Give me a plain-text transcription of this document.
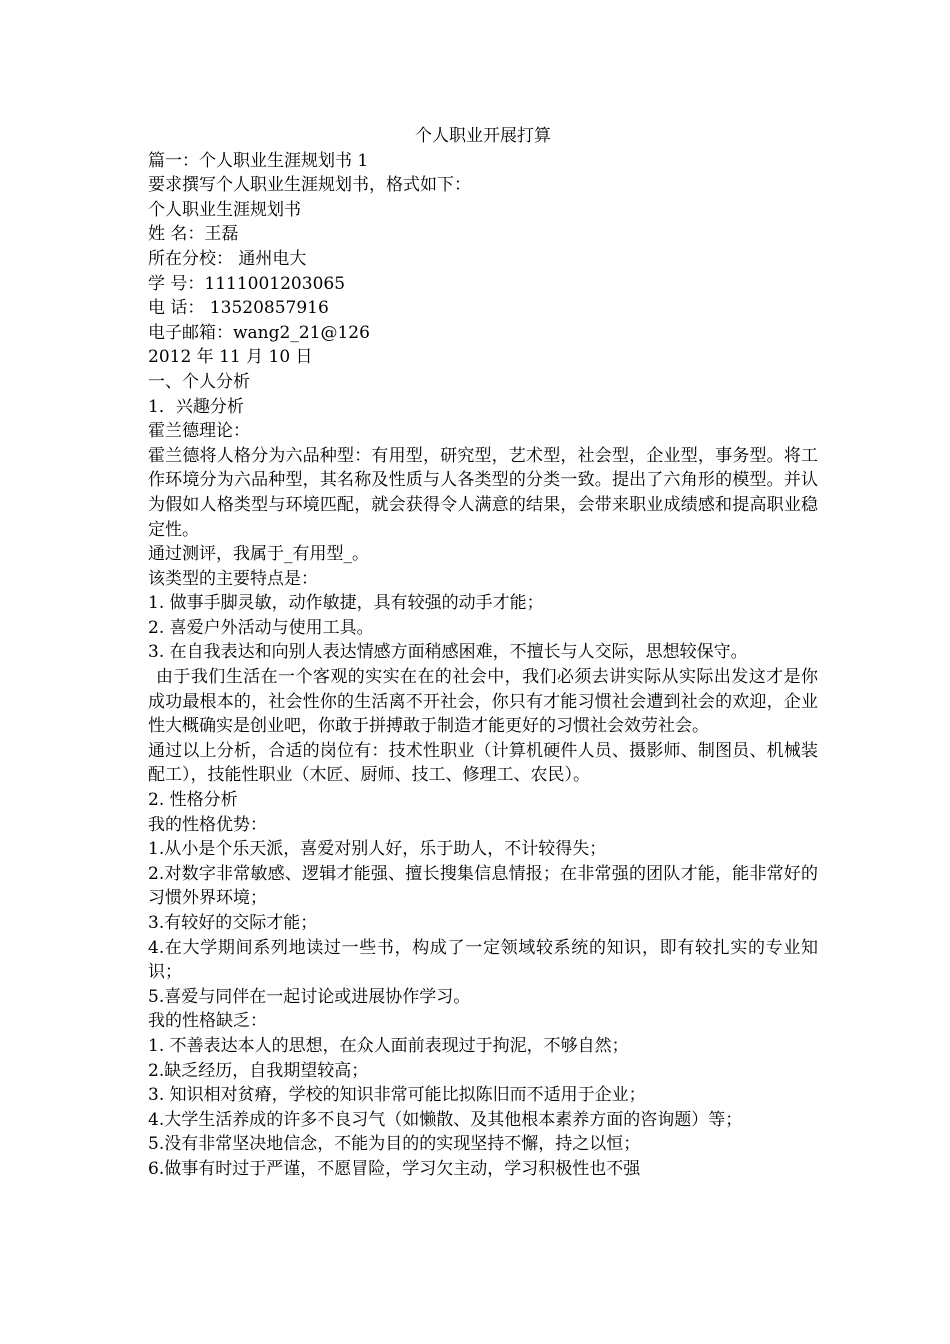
个人职业开展打算

篇一：个人职业生涯规划书 1

要求撰写个人职业生涯规划书，格式如下：

个人职业生涯规划书

姓 名：王磊

所在分校： 通州电大

学 号：1111001203065

电 话： 13520857916

电子邮箱：wang2_21@126

2012 年 11 月 10 日

一、个人分析

1．兴趣分析

霍兰德理论：

霍兰德将人格分为六品种型：有用型，研究型，艺术型，社会型，企业型，事务型。将工作环境分为六品种型，其名称及性质与人各类型的分类一致。提出了六角形的模型。并认为假如人格类型与环境匹配，就会获得令人满意的结果，会带来职业成绩感和提高职业稳定性。

通过测评，我属于_有用型_。

该类型的主要特点是：

1. 做事手脚灵敏，动作敏捷，具有较强的动手才能；

2. 喜爱户外活动与使用工具。

3. 在自我表达和向别人表达情感方面稍感困难，不擅长与人交际，思想较保守。

由于我们生活在一个客观的实实在在的社会中，我们必须去讲实际从实际出发这才是你成功最根本的，社会性你的生活离不开社会，你只有才能习惯社会遭到社会的欢迎，企业性大概确实是创业吧，你敢于拼搏敢于制造才能更好的习惯社会效劳社会。

通过以上分析，合适的岗位有：技术性职业（计算机硬件人员、摄影师、制图员、机械装配工），技能性职业（木匠、厨师、技工、修理工、农民）。

2. 性格分析

我的性格优势：

1.从小是个乐天派，喜爱对别人好，乐于助人，不计较得失；

2.对数字非常敏感、逻辑才能强、擅长搜集信息情报；在非常强的团队才能，能非常好的习惯外界环境；

3.有较好的交际才能；

4.在大学期间系列地读过一些书，构成了一定领域较系统的知识，即有较扎实的专业知识；

5.喜爱与同伴在一起讨论或进展协作学习。

我的性格缺乏：

1. 不善表达本人的思想，在众人面前表现过于拘泥，不够自然；

2.缺乏经历，自我期望较高；

3. 知识相对贫瘠，学校的知识非常可能比拟陈旧而不适用于企业；

4.大学生活养成的许多不良习气（如懒散、及其他根本素养方面的咨询题）等；

5.没有非常坚决地信念，不能为目的的实现坚持不懈，持之以恒；

6.做事有时过于严谨，不愿冒险，学习欠主动，学习积极性也不强
